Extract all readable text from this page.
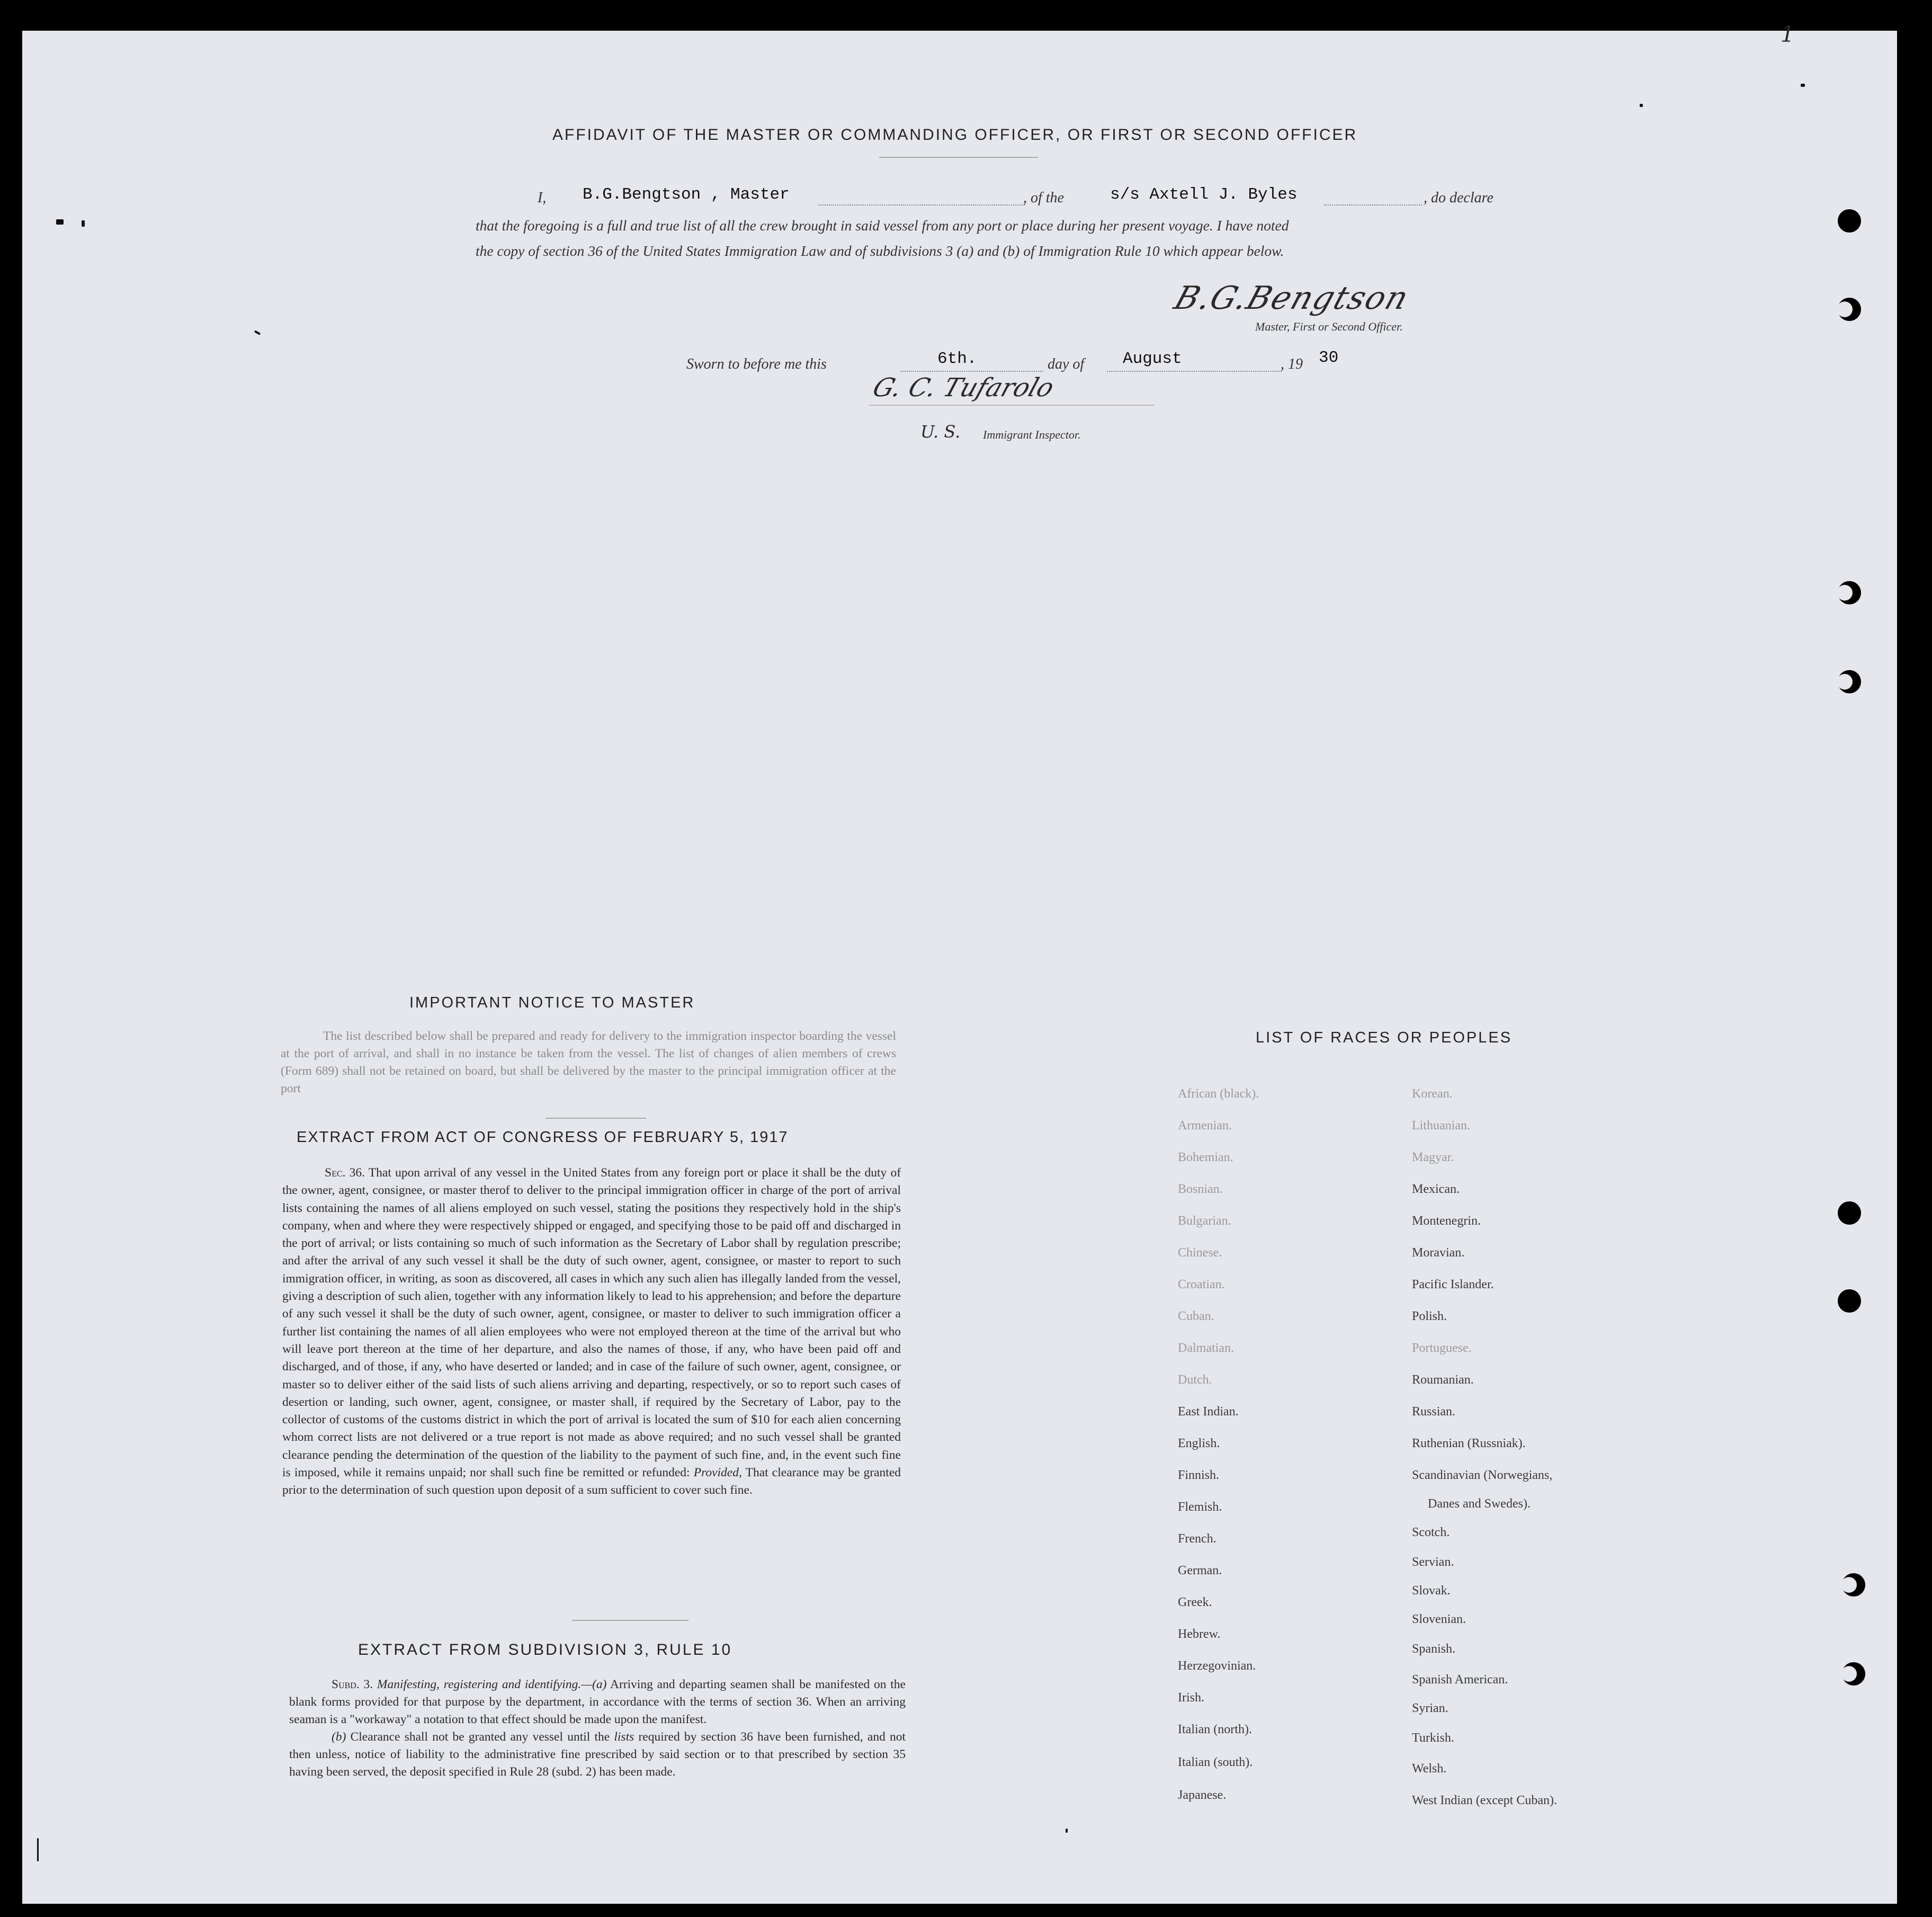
1
AFFIDAVIT OF THE MASTER OR COMMANDING OFFICER, OR FIRST OR SECOND OFFICER
I, B.G.Bengtson , Master	, of the	s/s Axtell J. Byles	, do declare
that the foregoing is a full and true list of all the crew brought in said vessel from any port or place during her present voyage. I have noted
the copy of section 36 of the United States Immigration Law and of subdivisions 3 (a) and (b) of Immigration Rule 10 which appear below.
B.G.Bengtson
Master, First or Second Officer.
Sworn to before me this	6th.	day of August	, 19 30
G. C. Tufarolo
U. S. Immigrant Inspector.
IMPORTANT NOTICE TO MASTER

The list described below shall be prepared and ready for delivery to the immigration inspector boarding the vessel at the port of arrival, and shall in no instance be taken from the vessel. The list of changes of alien members of crews (Form 689) shall not be retained on board, but shall be delivered by the master to the principal immigration officer at the port

EXTRACT FROM ACT OF CONGRESS OF FEBRUARY 5, 1917

Sec. 36. That upon arrival of any vessel in the United States from any foreign port or place it shall be the duty of the owner, agent, consignee, or master therof to deliver to the principal immigration officer in charge of the port of arrival lists containing the names of all aliens employed on such vessel, stating the positions they respectively hold in the ship's company, when and where they were respectively shipped or engaged, and specifying those to be paid off and discharged in the port of arrival; or lists containing so much of such information as the Secretary of Labor shall by regulation prescribe; and after the arrival of any such vessel it shall be the duty of such owner, agent, consignee, or master to report to such immigration officer, in writing, as soon as discovered, all cases in which any such alien has illegally landed from the vessel, giving a description of such alien, together with any information likely to lead to his apprehension; and before the departure of any such vessel it shall be the duty of such owner, agent, consignee, or master to deliver to such immigration officer a further list containing the names of all alien employees who were not employed thereon at the time of the arrival but who will leave port thereon at the time of her departure, and also the names of those, if any, who have been paid off and discharged, and of those, if any, who have deserted or landed; and in case of the failure of such owner, agent, consignee, or master so to deliver either of the said lists of such aliens arriving and departing, respectively, or so to report such cases of desertion or landing, such owner, agent, consignee, or master shall, if required by the Secretary of Labor, pay to the collector of customs of the customs district in which the port of arrival is located the sum of $10 for each alien concerning whom correct lists are not delivered or a true report is not made as above required; and no such vessel shall be granted clearance pending the determination of the question of the liability to the payment of such fine, and, in the event such fine is imposed, while it remains unpaid; nor shall such fine be remitted or refunded: Provided, That clearance may be granted prior to the determination of such question upon deposit of a sum sufficient to cover such fine.

EXTRACT FROM SUBDIVISION 3, RULE 10

Subd. 3. Manifesting, registering and identifying.—(a) Arriving and departing seamen shall be manifested on the blank forms provided for that purpose by the department, in accordance with the terms of section 36. When an arriving seaman is a "workaway" a notation to that effect should be made upon the manifest.

(b) Clearance shall not be granted any vessel until the lists required by section 36 have been furnished, and not then unless, notice of liability to the administrative fine prescribed by said section or to that prescribed by section 35 having been served, the deposit specified in Rule 28 (subd. 2) has been made.

LIST OF RACES OR PEOPLES
African (black).
Armenian.
Bohemian.
Bosnian.
Bulgarian.
Chinese.
Croatian.
Cuban.
Dalmatian.
Dutch.
East Indian.
English.
Finnish.
Flemish.
French.
German.
Greek.
Hebrew.
Herzegovinian.
Irish.
Italian (north).
Italian (south).
Japanese.
Korean.
Lithuanian.
Magyar.
Mexican.
Montenegrin.
Moravian.
Pacific Islander.
Polish.
Portuguese.
Roumanian.
Russian.
Ruthenian (Russniak).
Scandinavian (Norwegians,
Danes and Swedes).
Scotch.
Servian.
Slovak.
Slovenian.
Spanish.
Spanish American.
Syrian.
Turkish.
Welsh.
West Indian (except Cuban).
